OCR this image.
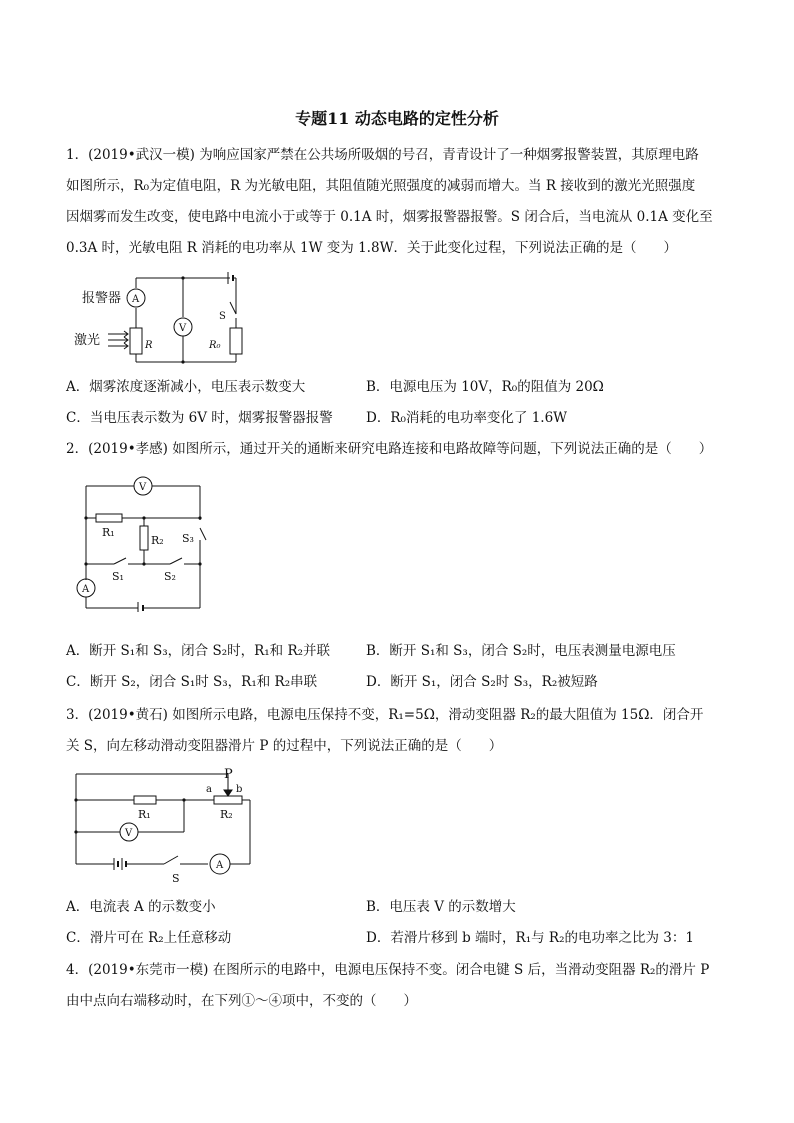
专题11 动态电路的定性分析
1．(2019•武汉一模) 为响应国家严禁在公共场所吸烟的号召，青青设计了一种烟雾报警装置，其原理电路
如图所示，R₀为定值电阻，R 为光敏电阻，其阻值随光照强度的减弱而增大。当 R 接收到的激光光照强度
因烟雾而发生改变，使电路中电流小于或等于 0.1A 时，烟雾报警器报警。S 闭合后，当电流从 0.1A 变化至
0.3A 时，光敏电阻 R 消耗的电功率从 1W 变为 1.8W．关于此变化过程，下列说法正确的是（　　）
报警器 A
V
激光	R
S
R₀
A．烟雾浓度逐渐减小，电压表示数变大	B．电源电压为 10V，R₀的阻值为 20Ω
C．当电压表示数为 6V 时，烟雾报警器报警 D．R₀消耗的电功率变化了 1.6W
2．(2019•孝感) 如图所示，通过开关的通断来研究电路连接和电路故障等问题，下列说法正确的是（　　）
V
A
R₁
R₂
S₁	S₂
S₃
A．断开 S₁和 S₃，闭合 S₂时，R₁和 R₂并联	B．断开 S₁和 S₃，闭合 S₂时，电压表测量电源电压
C．断开 S₂，闭合 S₁时 S₃，R₁和 R₂串联	D．断开 S₁，闭合 S₂时 S₃，R₂被短路
3．(2019•黄石) 如图所示电路，电源电压保持不变，R₁=5Ω，滑动变阻器 R₂的最大阻值为 15Ω．闭合开
关 S，向左移动滑动变阻器滑片 P 的过程中，下列说法正确的是（　　）
P
a b
R₁	R₂
V
A
S
A．电流表 A 的示数变小	B．电压表 V 的示数增大
C．滑片可在 R₂上任意移动	D．若滑片移到 b 端时，R₁与 R₂的电功率之比为 3：1
4．(2019•东莞市一模) 在图所示的电路中，电源电压保持不变。闭合电键 S 后，当滑动变阻器 R₂的滑片 P
由中点向右端移动时，在下列①～④项中，不变的（　　）
